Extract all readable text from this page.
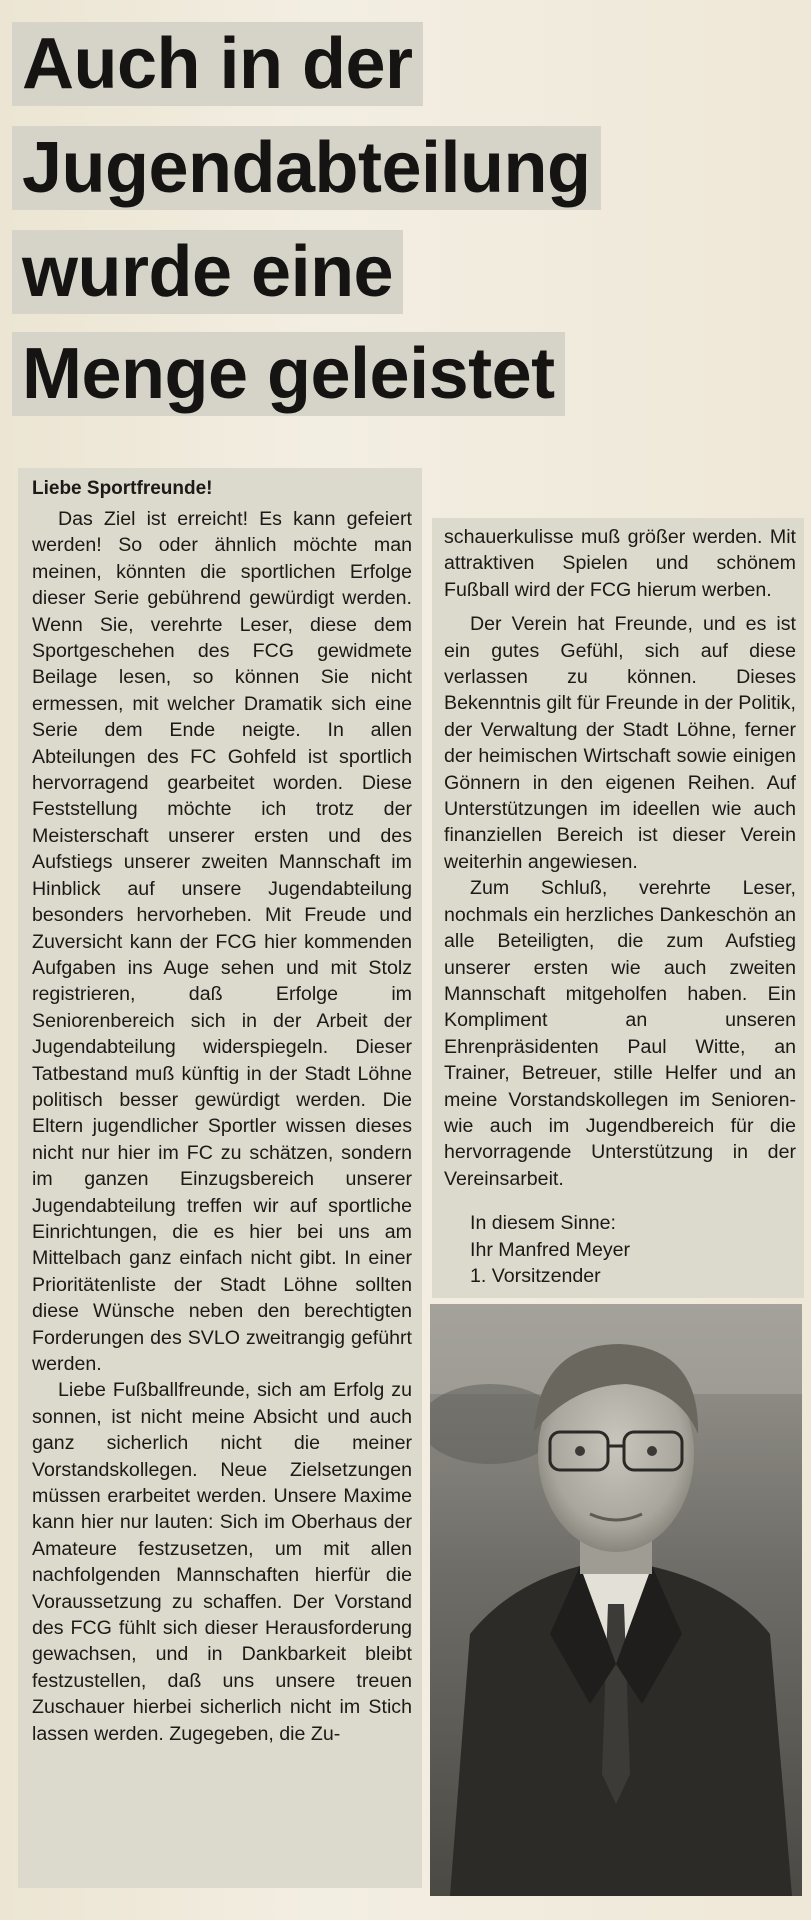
Auch in der
Jugendabteilung
wurde eine
Menge geleistet
Liebe Sportfreunde!

Das Ziel ist erreicht! Es kann gefeiert werden! So oder ähnlich möchte man meinen, könnten die sportlichen Erfolge dieser Serie gebührend gewürdigt werden. Wenn Sie, verehrte Leser, diese dem Sportgeschehen des FCG gewidmete Beilage lesen, so können Sie nicht ermessen, mit welcher Dramatik sich eine Serie dem Ende neigte. In allen Abteilungen des FC Gohfeld ist sportlich hervorragend gearbeitet worden. Diese Feststellung möchte ich trotz der Meisterschaft unserer ersten und des Aufstiegs unserer zweiten Mannschaft im Hinblick auf unsere Jugendabteilung besonders hervorheben. Mit Freude und Zuversicht kann der FCG hier kommenden Aufgaben ins Auge sehen und mit Stolz registrieren, daß Erfolge im Seniorenbereich sich in der Arbeit der Jugendabteilung widerspiegeln. Dieser Tatbestand muß künftig in der Stadt Löhne politisch besser gewürdigt werden. Die Eltern jugendlicher Sportler wissen dieses nicht nur hier im FC zu schätzen, sondern im ganzen Einzugsbereich unserer Jugendabteilung treffen wir auf sportliche Einrichtungen, die es hier bei uns am Mittelbach ganz einfach nicht gibt. In einer Prioritätenliste der Stadt Löhne sollten diese Wünsche neben den berechtigten Forderungen des SVLO zweitrangig geführt werden.

Liebe Fußballfreunde, sich am Erfolg zu sonnen, ist nicht meine Absicht und auch ganz sicherlich nicht die meiner Vorstandskollegen. Neue Zielsetzungen müssen erarbeitet werden. Unsere Maxime kann hier nur lauten: Sich im Oberhaus der Amateure festzusetzen, um mit allen nachfolgenden Mannschaften hierfür die Voraussetzung zu schaffen. Der Vorstand des FCG fühlt sich dieser Herausforderung gewachsen, und in Dankbarkeit bleibt festzustellen, daß uns unsere treuen Zuschauer hierbei sicherlich nicht im Stich lassen werden. Zugegeben, die Zu-

schauerkulisse muß größer werden. Mit attraktiven Spielen und schönem Fußball wird der FCG hierum werben.

Der Verein hat Freunde, und es ist ein gutes Gefühl, sich auf diese verlassen zu können. Dieses Bekenntnis gilt für Freunde in der Politik, der Verwaltung der Stadt Löhne, ferner der heimischen Wirtschaft sowie einigen Gönnern in den eigenen Reihen. Auf Unterstützungen im ideellen wie auch finanziellen Bereich ist dieser Verein weiterhin angewiesen.

Zum Schluß, verehrte Leser, nochmals ein herzliches Dankeschön an alle Beteiligten, die zum Aufstieg unserer ersten wie auch zweiten Mannschaft mitgeholfen haben. Ein Kompliment an unseren Ehrenpräsidenten Paul Witte, an Trainer, Betreuer, stille Helfer und an meine Vorstandskollegen im Senioren- wie auch im Jugendbereich für die hervorragende Unterstützung in der Vereinsarbeit.

In diesem Sinne:

Ihr Manfred Meyer

1. Vorsitzender
